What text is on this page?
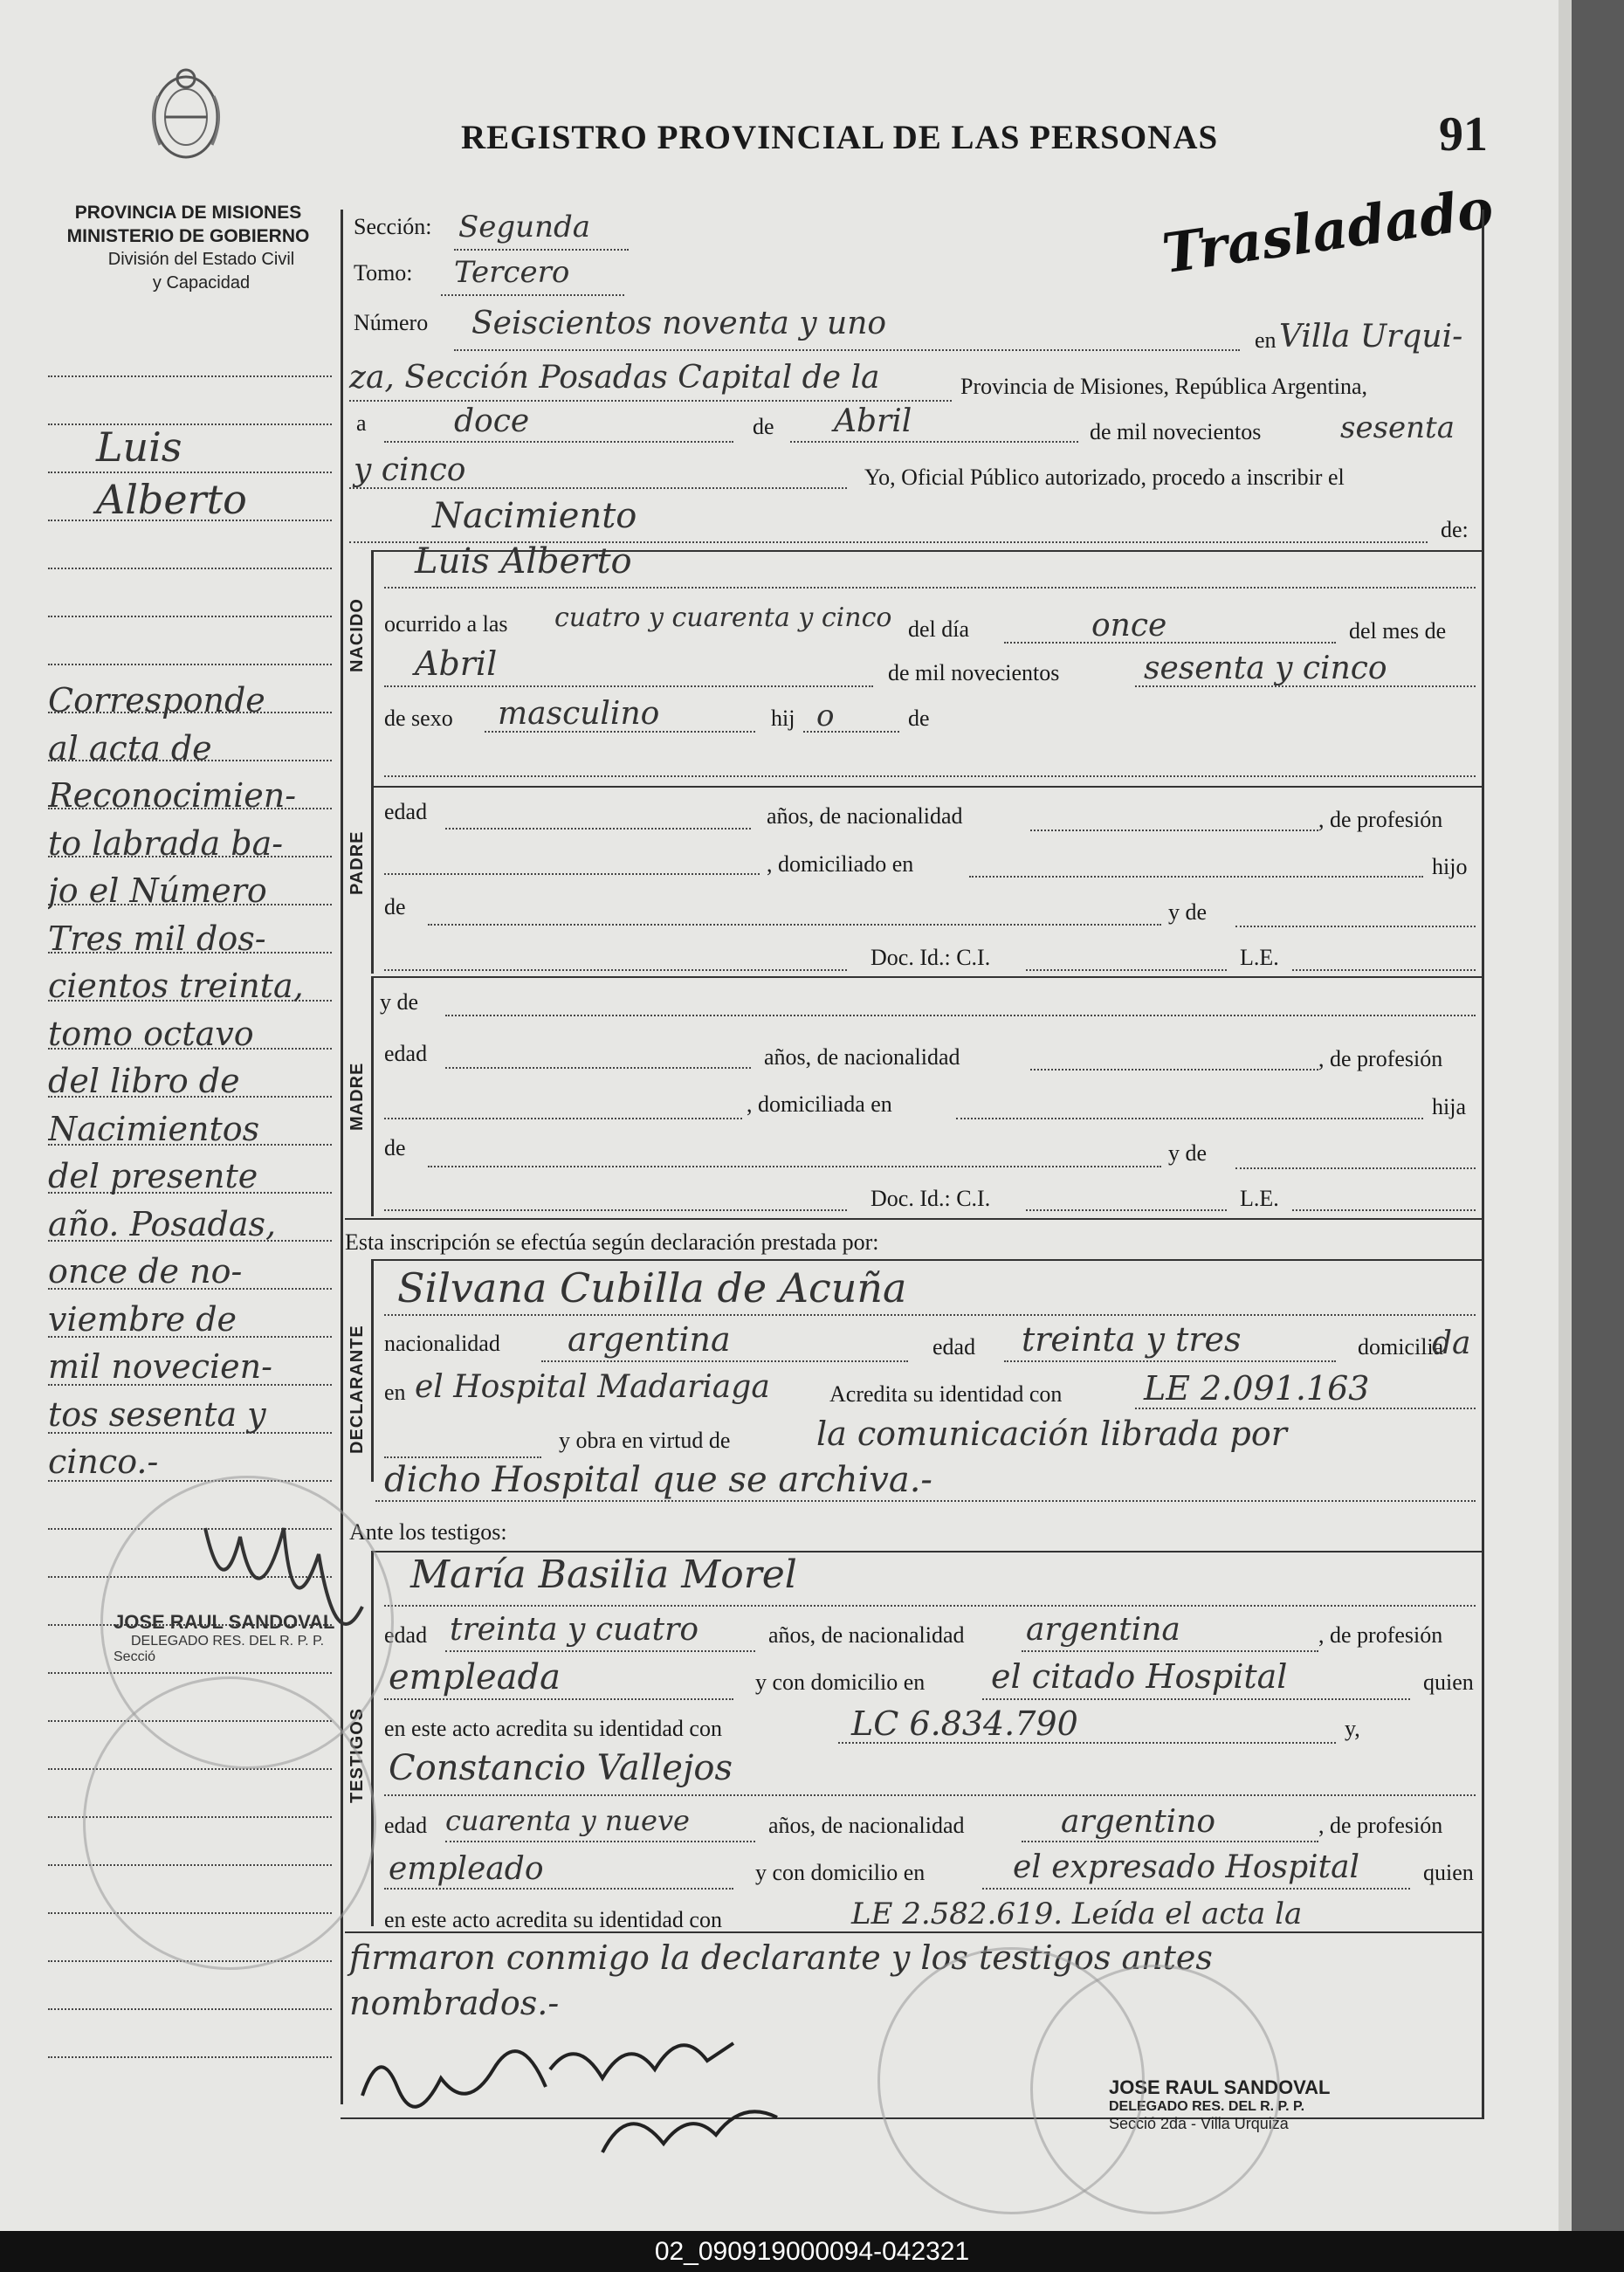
REGISTRO PROVINCIAL DE LAS PERSONAS	91
Trasladado
PROVINCIA DE MISIONES
MINISTERIO DE GOBIERNO
División del Estado Civil
y Capacidad
Luis
Alberto
Corresponde
al acta de
Reconocimien-
to labrada ba-
jo el Número
Tres mil dos-
cientos treinta,
tomo octavo
del libro de
Nacimientos
del presente
año. Posadas,
once de no-
viembre de
mil novecien-
tos sesenta y
cinco.-
Sección: Segunda
Tomo: Tercero
Número Seiscientos noventa y uno	en Villa Urqui-
za, Sección Posadas Capital de la	Provincia de Misiones, República Argentina,
a	doce	de Abril	de mil novecientos	sesenta
y cinco	Yo, Oficial Público autorizado, procedo a inscribir el
Nacimiento	de:
NACIDO
Luis Alberto
ocurrido a las cuatro y cuarenta y cinco del día	once	del mes de
Abril	de mil novecientos	sesenta y cinco
de sexo masculino	hij o	de
PADRE
edad	años, de nacionalidad	, de profesión
, domiciliado en	hijo
de	y de
Doc. Id.: C.I.	L.E.
MADRE
y de
edad	años, de nacionalidad	, de profesión
, domiciliada en	hija
de	y de
Doc. Id.: C.I.	L.E.
Esta inscripción se efectúa según declaración prestada por:
DECLARANTE
Silvana Cubilla de Acuña
nacionalidad argentina	edad treinta y tres	domicilia
da
en el Hospital Madariaga	Acredita su identidad con LE 2.091.163
y obra en virtud de	la comunicación librada por
dicho Hospital que se archiva.-
Ante los testigos:
TESTIGOS
María Basilia Morel
edad treinta y cuatro	años, de nacionalidad argentina	, de profesión
empleada	y con domicilio en el citado Hospital	quien
en este acto acredita su identidad con	LC 6.834.790	y,
Constancio Vallejos
edad cuarenta y nueve	años, de nacionalidad	argentino	, de profesión
empleado	y con domicilio en	el expresado Hospital	quien
en este acto acredita su identidad con	LE 2.582.619. Leída el acta la
firmaron conmigo la declarante y los testigos antes
nombrados.-
JOSE RAUL SANDOVAL
DELEGADO RES. DEL R. P. P.
Secció
JOSE RAUL SANDOVAL
DELEGADO RES. DEL R. P. P.
Secció 2da - Villa Urquiza
02_090919000094-042321
